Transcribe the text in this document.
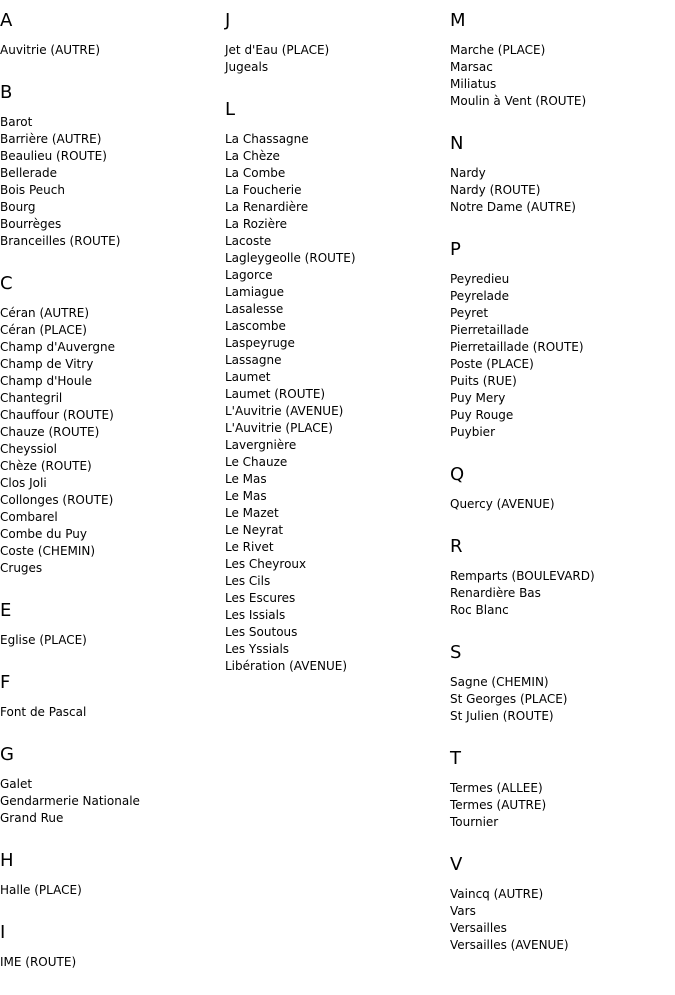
A
Auvitrie (AUTRE)
B
Barot
Barrière (AUTRE)
Beaulieu (ROUTE)
Bellerade
Bois Peuch
Bourg
Bourrèges
Branceilles (ROUTE)
C
Céran (AUTRE)
Céran (PLACE)
Champ d'Auvergne
Champ de Vitry
Champ d'Houle
Chantegril
Chauffour (ROUTE)
Chauze (ROUTE)
Cheyssiol
Chèze (ROUTE)
Clos Joli
Collonges (ROUTE)
Combarel
Combe du Puy
Coste (CHEMIN)
Cruges
E
Eglise (PLACE)
F
Font de Pascal
G
Galet
Gendarmerie Nationale
Grand Rue
H
Halle (PLACE)
I
IME (ROUTE)
J
Jet d'Eau (PLACE)
Jugeals
L
La Chassagne
La Chèze
La Combe
La Foucherie
La Renardière
La Rozière
Lacoste
Lagleygeolle (ROUTE)
Lagorce
Lamiague
Lasalesse
Lascombe
Laspeyruge
Lassagne
Laumet
Laumet (ROUTE)
L'Auvitrie (AVENUE)
L'Auvitrie (PLACE)
Lavergnière
Le Chauze
Le Mas
Le Mas
Le Mazet
Le Neyrat
Le Rivet
Les Cheyroux
Les Cils
Les Escures
Les Issials
Les Soutous
Les Yssials
Libération (AVENUE)
M
Marche (PLACE)
Marsac
Miliatus
Moulin à Vent (ROUTE)
N
Nardy
Nardy (ROUTE)
Notre Dame (AUTRE)
P
Peyredieu
Peyrelade
Peyret
Pierretaillade
Pierretaillade (ROUTE)
Poste (PLACE)
Puits (RUE)
Puy Mery
Puy Rouge
Puybier
Q
Quercy (AVENUE)
R
Remparts (BOULEVARD)
Renardière Bas
Roc Blanc
S
Sagne (CHEMIN)
St Georges (PLACE)
St Julien (ROUTE)
T
Termes (ALLEE)
Termes (AUTRE)
Tournier
V
Vaincq (AUTRE)
Vars
Versailles
Versailles (AVENUE)
